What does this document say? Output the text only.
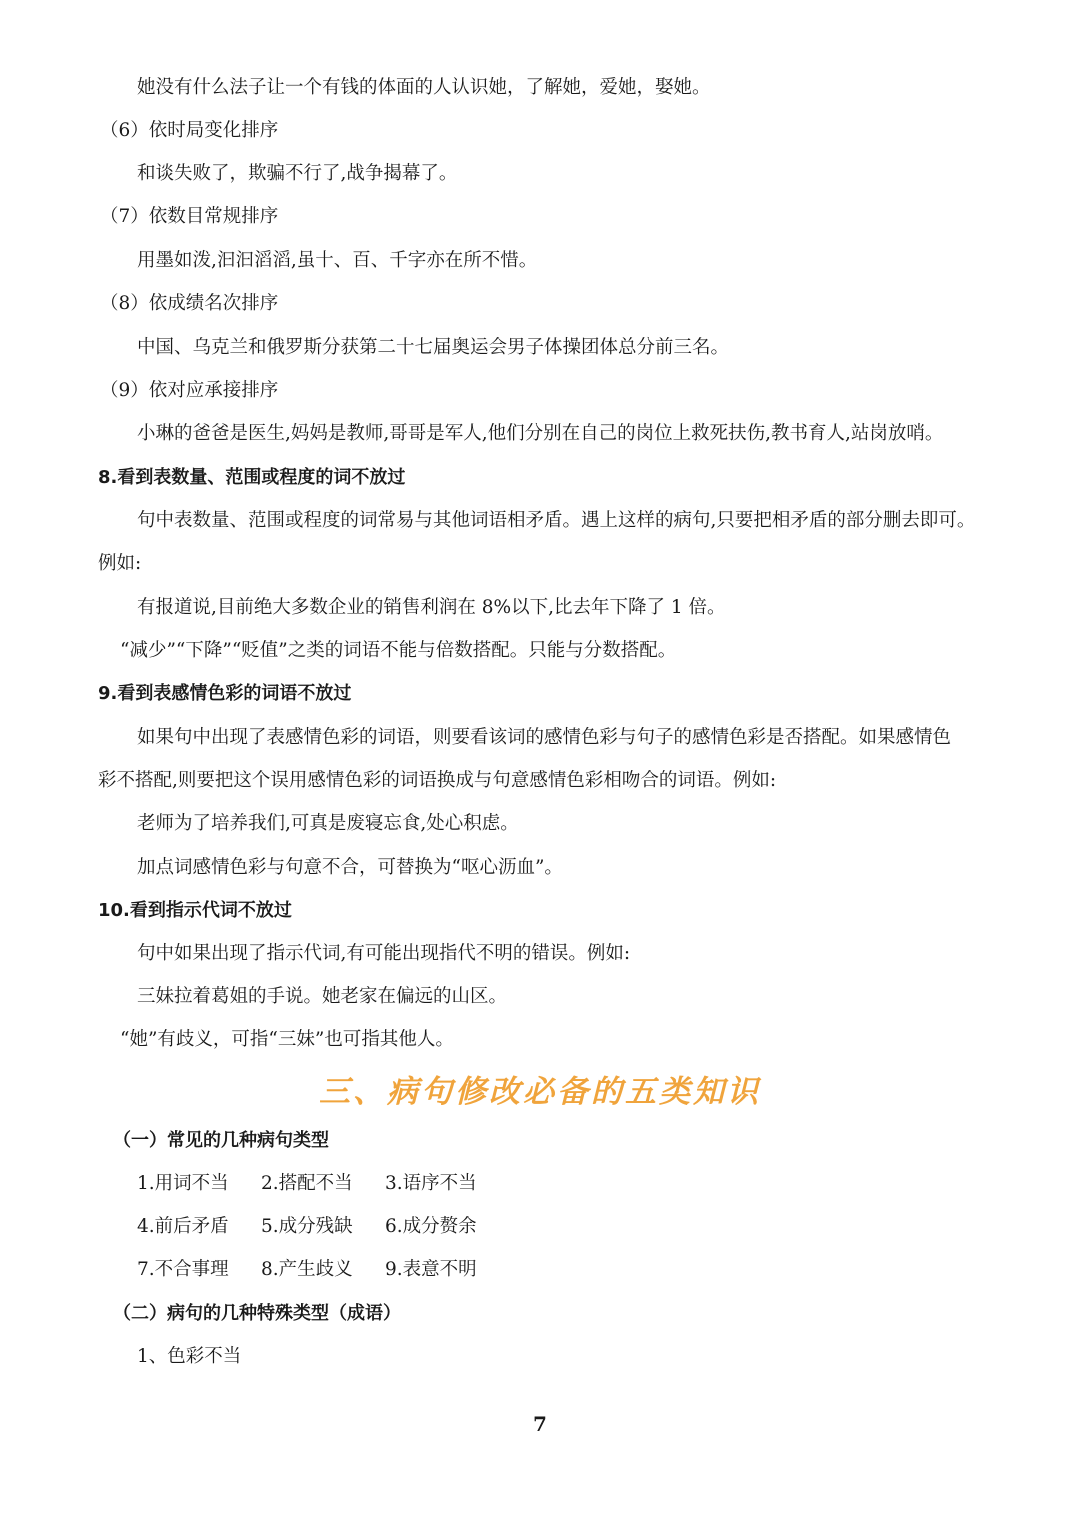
她没有什么法子让一个有钱的体面的人认识她，了解她，爱她，娶她。
（6）依时局变化排序
和谈失败了，欺骗不行了,战争揭幕了。
（7）依数目常规排序
用墨如泼,汩汩滔滔,虽十、百、千字亦在所不惜。
（8）依成绩名次排序
中国、乌克兰和俄罗斯分获第二十七届奥运会男子体操团体总分前三名。
（9）依对应承接排序
小琳的爸爸是医生,妈妈是教师,哥哥是军人,他们分别在自己的岗位上救死扶伤,教书育人,站岗放哨。
8.看到表数量、范围或程度的词不放过
句中表数量、范围或程度的词常易与其他词语相矛盾。遇上这样的病句,只要把相矛盾的部分删去即可。
例如:
有报道说,目前绝大多数企业的销售利润在 8%以下,比去年下降了 1 倍。
“减少”“下降”“贬值”之类的词语不能与倍数搭配。只能与分数搭配。
9.看到表感情色彩的词语不放过
如果句中出现了表感情色彩的词语，则要看该词的感情色彩与句子的感情色彩是否搭配。如果感情色
彩不搭配,则要把这个误用感情色彩的词语换成与句意感情色彩相吻合的词语。例如:
老师为了培养我们,可真是废寝忘食,处心积虑。
加点词感情色彩与句意不合，可替换为“呕心沥血”。
10.看到指示代词不放过
句中如果出现了指示代词,有可能出现指代不明的错误。例如:
三妹拉着葛姐的手说。她老家在偏远的山区。
“她”有歧义，可指“三妹”也可指其他人。
三、病句修改必备的五类知识
（一）常见的几种病句类型
1.用词不当 2.搭配不当 3.语序不当
4.前后矛盾 5.成分残缺 6.成分赘余
7.不合事理 8.产生歧义 9.表意不明
（二）病句的几种特殊类型（成语）
1、色彩不当
7
